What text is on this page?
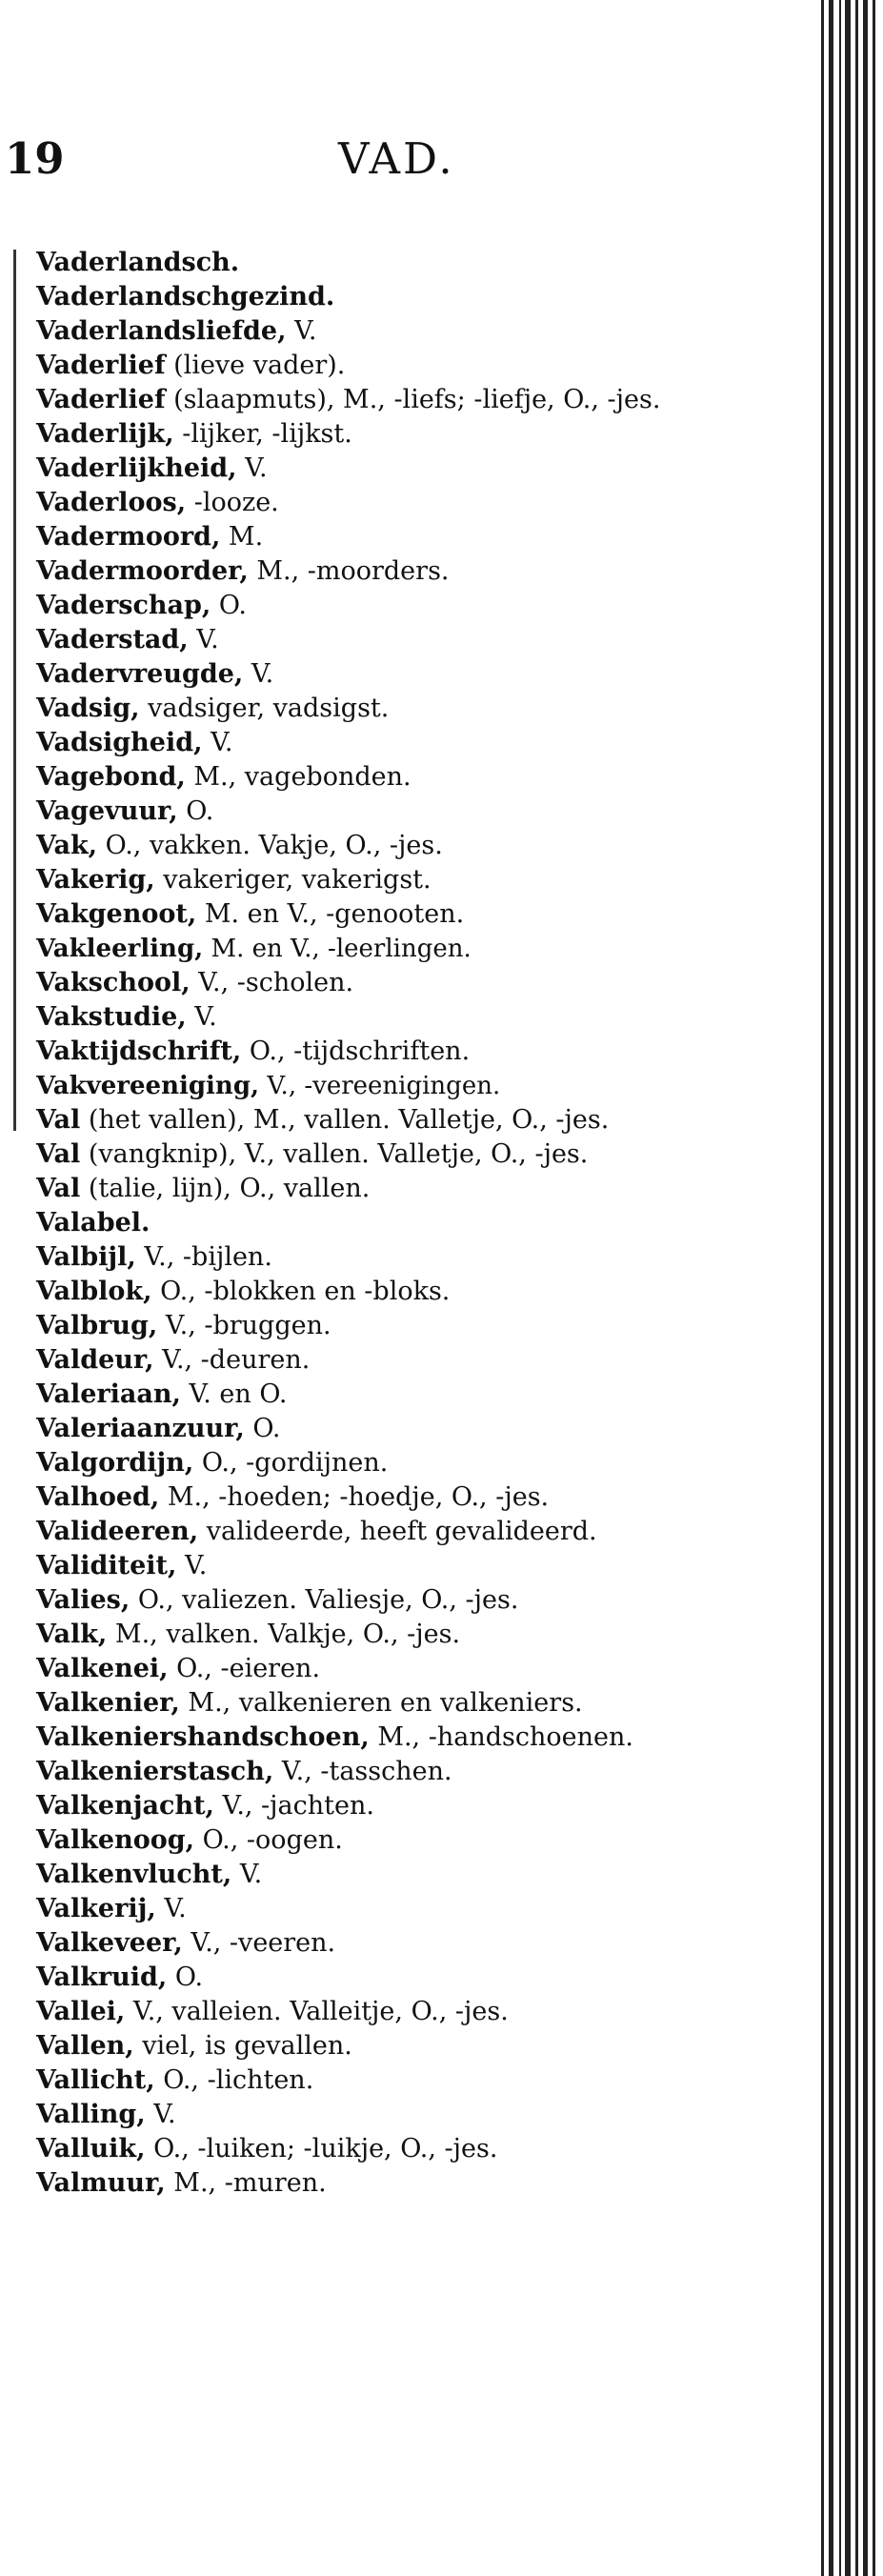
19	VAD.
Vaderlandsch.
Vaderlandschgezind.
Vaderlandsliefde, V.
Vaderlief (lieve vader).
Vaderlief (slaapmuts), M., -liefs; -liefje, O., -jes.
Vaderlijk, -lijker, -lijkst.
Vaderlijkheid, V.
Vaderloos, -looze.
Vadermoord, M.
Vadermoorder, M., -moorders.
Vaderschap, O.
Vaderstad, V.
Vadervreugde, V.
Vadsig, vadsiger, vadsigst.
Vadsigheid, V.
Vagebond, M., vagebonden.
Vagevuur, O.
Vak, O., vakken. Vakje, O., -jes.
Vakerig, vakeriger, vakerigst.
Vakgenoot, M. en V., -genooten.
Vakleerling, M. en V., -leerlingen.
Vakschool, V., -scholen.
Vakstudie, V.
Vaktijdschrift, O., -tijdschriften.
Vakvereeniging, V., -vereenigingen.
Val (het vallen), M., vallen. Valletje, O., -jes.
Val (vangknip), V., vallen. Valletje, O., -jes.
Val (talie, lijn), O., vallen.
Valabel.
Valbijl, V., -bijlen.
Valblok, O., -blokken en -bloks.
Valbrug, V., -bruggen.
Valdeur, V., -deuren.
Valeriaan, V. en O.
Valeriaanzuur, O.
Valgordijn, O., -gordijnen.
Valhoed, M., -hoeden; -hoedje, O., -jes.
Valideeren, valideerde, heeft gevalideerd.
Validiteit, V.
Valies, O., valiezen. Valiesje, O., -jes.
Valk, M., valken. Valkje, O., -jes.
Valkenei, O., -eieren.
Valkenier, M., valkenieren en valkeniers.
Valkeniershandschoen, M., -handschoenen.
Valkenierstasch, V., -tasschen.
Valkenjacht, V., -jachten.
Valkenoog, O., -oogen.
Valkenvlucht, V.
Valkerij, V.
Valkeveer, V., -veeren.
Valkruid, O.
Vallei, V., valleien. Valleitje, O., -jes.
Vallen, viel, is gevallen.
Vallicht, O., -lichten.
Valling, V.
Valluik, O., -luiken; -luikje, O., -jes.
Valmuur, M., -muren.
